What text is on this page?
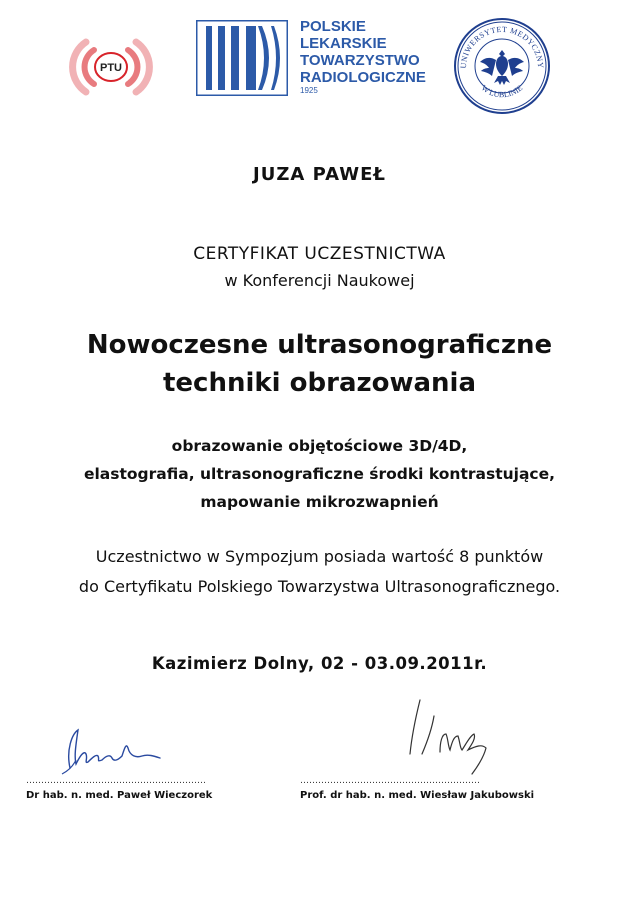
PTU
POLSKIE
LEKARSKIE
TOWARZYSTWO
RADIOLOGICZNE
1925
UNIWERSYTET MEDYCZNY
W LUBLINIE
JUZA PAWEŁ
CERTYFIKAT UCZESTNICTWA
w Konferencji Naukowej
Nowoczesne ultrasonograficzne
techniki obrazowania
obrazowanie objętościowe 3D/4D,
elastografia, ultrasonograficzne środki kontrastujące,
mapowanie mikrozwapnień
Uczestnictwo w Sympozjum posiada wartość 8 punktów
do Certyfikatu Polskiego Towarzystwa Ultrasonograficznego.
Kazimierz Dolny, 02 - 03.09.2011r.
……………………………………………………
Dr hab. n. med. Paweł Wieczorek
……………………………………………………
Prof. dr hab. n. med. Wiesław Jakubowski
